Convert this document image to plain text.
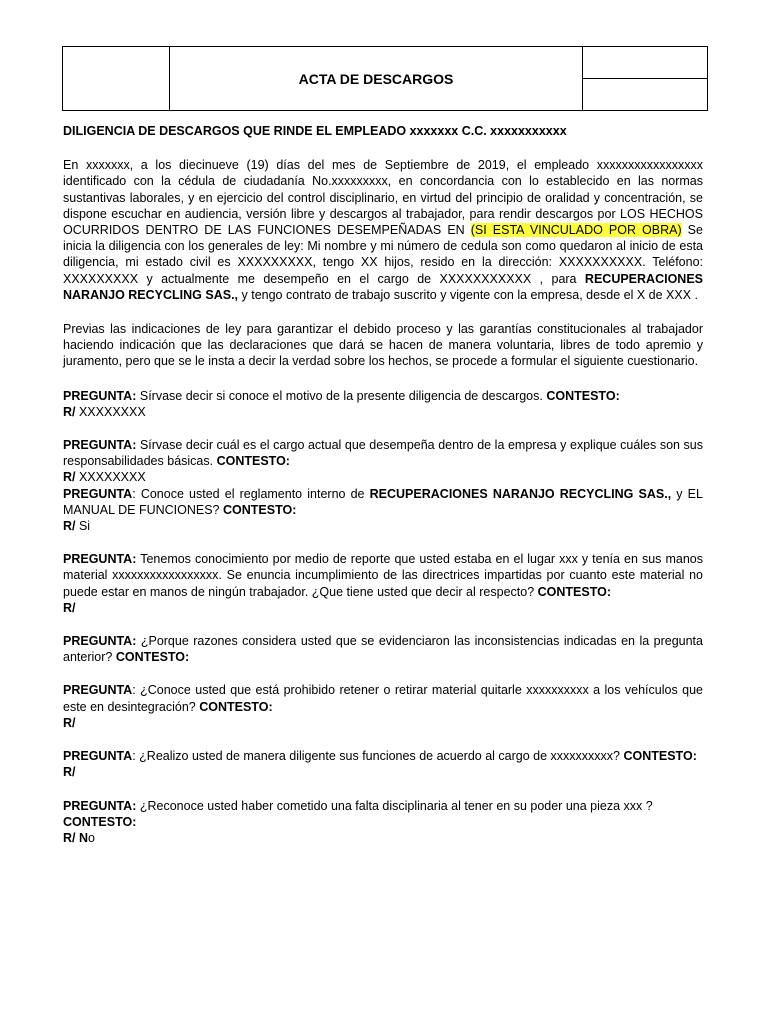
	ACTA DE DESCARGOS	

DILIGENCIA DE DESCARGOS QUE RINDE EL EMPLEADO xxxxxxx C.C. xxxxxxxxxxx

En xxxxxxx, a los diecinueve (19) días del mes de Septiembre de 2019, el empleado xxxxxxxxxxxxxxxxx identificado con la cédula de ciudadanía No.xxxxxxxxx, en concordancia con lo establecido en las normas sustantivas laborales, y en ejercicio del control disciplinario, en virtud del principio de oralidad y concentración, se dispone escuchar en audiencia, versión libre y descargos al trabajador, para rendir descargos por LOS HECHOS OCURRIDOS DENTRO DE LAS FUNCIONES DESEMPEÑADAS EN (SI ESTA VINCULADO POR OBRA) Se inicia la diligencia con los generales de ley: Mi nombre y mi número de cedula son como quedaron al inicio de esta diligencia, mi estado civil es XXXXXXXXX, tengo XX hijos, resido en la dirección: XXXXXXXXXX. Teléfono: XXXXXXXXX y actualmente me desempeño en el cargo de XXXXXXXXXXX , para RECUPERACIONES NARANJO RECYCLING SAS., y tengo contrato de trabajo suscrito y vigente con la empresa, desde el X de XXX .

Previas las indicaciones de ley para garantizar el debido proceso y las garantías constitucionales al trabajador haciendo indicación que las declaraciones que dará se hacen de manera voluntaria, libres de todo apremio y juramento, pero que se le insta a decir la verdad sobre los hechos, se procede a formular el siguiente cuestionario.

PREGUNTA: Sírvase decir si conoce el motivo de la presente diligencia de descargos. CONTESTO:

R/ XXXXXXXX

PREGUNTA: Sírvase decir cuál es el cargo actual que desempeña dentro de la empresa y explique cuáles son sus responsabilidades básicas. CONTESTO:

R/ XXXXXXXX

PREGUNTA: Conoce usted el reglamento interno de RECUPERACIONES NARANJO RECYCLING SAS., y EL MANUAL DE FUNCIONES? CONTESTO:

R/ Si

PREGUNTA: Tenemos conocimiento por medio de reporte que usted estaba en el lugar xxx y tenía en sus manos material xxxxxxxxxxxxxxxxx. Se enuncia incumplimiento de las directrices impartidas por cuanto este material no puede estar en manos de ningún trabajador. ¿Que tiene usted que decir al respecto? CONTESTO:

R/

PREGUNTA: ¿Porque razones considera usted que se evidenciaron las inconsistencias indicadas en la pregunta anterior? CONTESTO:

PREGUNTA: ¿Conoce usted que está prohibido retener o retirar material quitarle xxxxxxxxxx a los vehículos que este en desintegración? CONTESTO:

R/

PREGUNTA: ¿Realizo usted de manera diligente sus funciones de acuerdo al cargo de xxxxxxxxxx? CONTESTO:

R/

PREGUNTA: ¿Reconoce usted haber cometido una falta disciplinaria al tener en su poder una pieza xxx ?

CONTESTO:

R/ No
